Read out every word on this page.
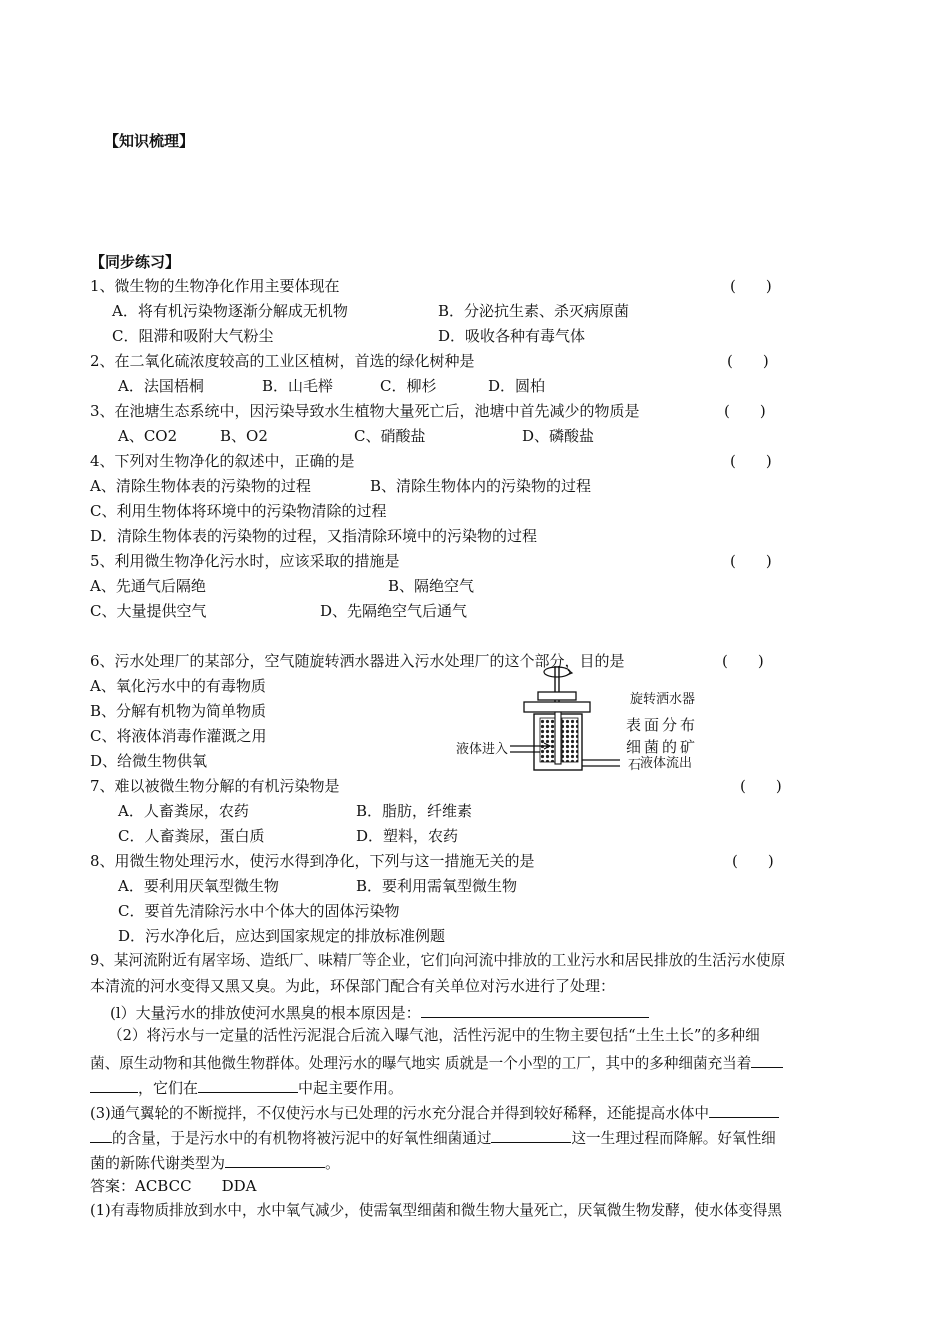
【知识梳理】
【同步练习】
1、微生物的生物净化作用主要体现在	(　　)
A．将有机污染物逐渐分解成无机物	B．分泌抗生素、杀灭病原菌
C．阻滞和吸附大气粉尘	D．吸收各种有毒气体
2、在二氧化硫浓度较高的工业区植树，首选的绿化树种是	(　　)
A．法国梧桐	B．山毛榉	C．柳杉	D．圆柏
3、在池塘生态系统中，因污染导致水生植物大量死亡后，池塘中首先减少的物质是	(　　)
A、CO2	B、O2	C、硝酸盐	D、磷酸盐
4、下列对生物净化的叙述中，正确的是	(　　)
A、清除生物体表的污染物的过程	B、清除生物体内的污染物的过程
C、利用生物体将环境中的污染物清除的过程
D．清除生物体表的污染物的过程，又指清除环境中的污染物的过程
5、利用微生物净化污水时，应该采取的措施是	(　　)
A、先通气后隔绝	B、隔绝空气
C、大量提供空气	D、先隔绝空气后通气
6、污水处理厂的某部分，空气随旋转洒水器进入污水处理厂的这个部分，目的是	(　　)
A、氧化污水中的有毒物质
B、分解有机物为简单物质
C、将液体消毒作灌溉之用
D、给微生物供氧
旋转洒水器
表面分布
细菌的矿
石
液体进入
液体流出
7、难以被微生物分解的有机污染物是	(　　)
A．人畜粪尿，农药	B．脂肪，纤维素
C．人畜粪尿，蛋白质	D．塑料，农药
8、用微生物处理污水，使污水得到净化，下列与这一措施无关的是	(　　)
A．要利用厌氧型微生物	B．要利用需氧型微生物
C．要首先清除污水中个体大的固体污染物
D．污水净化后，应达到国家规定的排放标准例题
9、某河流附近有屠宰场、造纸厂、味精厂等企业，它们向河流中排放的工业污水和居民排放的生活污水使原
本清流的河水变得又黑又臭。为此，环保部门配合有关单位对污水进行了处理：
(l）大量污水的排放使河水黑臭的根本原因是：
（2）将污水与一定量的活性污泥混合后流入曝气池，活性污泥中的生物主要包括“土生土长”的多种细
菌、原生动物和其他微生物群体。处理污水的曝气地实 质就是一个小型的工厂，其中的多种细菌充当着
，它们在	中起主要作用。
(3)通气翼轮的不断搅拌，不仅使污水与已处理的污水充分混合并得到较好稀释，还能提高水体中
的含量，于是污水中的有机物将被污泥中的好氧性细菌通过	这一生理过程而降解。好氧性细
菌的新陈代谢类型为	。
答案：ACBCC　　DDA
(1)有毒物质排放到水中，水中氧气减少，使需氧型细菌和微生物大量死亡，厌氧微生物发酵，使水体变得黑
